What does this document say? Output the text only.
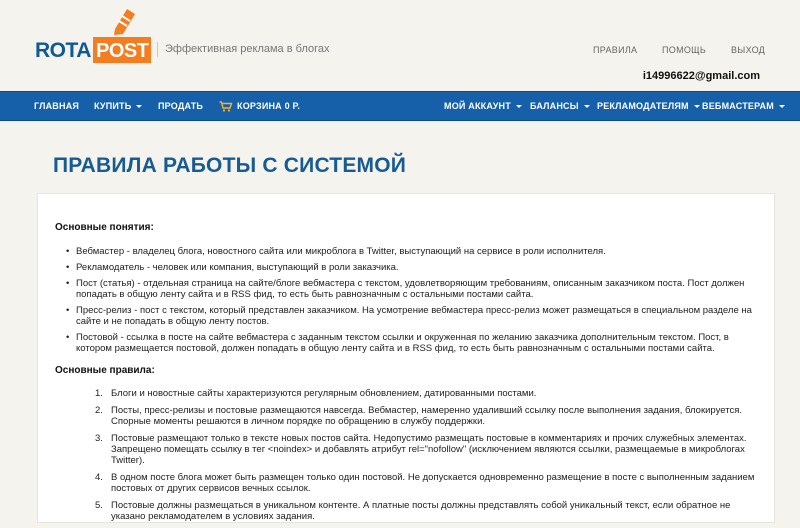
ROTA POST Эффективная реклама в блогах	ПРАВИЛА	ПОМОЩЬ	ВЫХОД
i14996622@gmail.com
ГЛАВНАЯ КУПИТЬ	ПРОДАТЬ	КОРЗИНА 0 Р.	МОЙ АККАУНТ	БАЛАНСЫ	РЕКЛАМОДАТЕЛЯМ	ВЕБМАСТЕРАМ
ПРАВИЛА РАБОТЫ С СИСТЕМОЙ
Основные понятия:
• Вебмастер - владелец блога, новостного сайта или микроблога в Twitter, выступающий на сервисе в роли исполнителя.
• Рекламодатель - человек или компания, выступающий в роли заказчика.
• Пост (статья) - отдельная страница на сайте/блоге вебмастера с текстом, удовлетворяющим требованиям, описанным заказчиком поста. Пост должен попадать в общую ленту сайта и в RSS фид, то есть быть равнозначным с остальными постами сайта.
• Пресс-релиз - пост с текстом, который представлен заказчиком. На усмотрение вебмастера пресс-релиз может размещаться в специальном разделе на сайте и не попадать в общую ленту постов.
• Постовой - ссылка в посте на сайте вебмастера с заданным текстом ссылки и окруженная по желанию заказчика дополнительным текстом. Пост, в котором размещается постовой, должен попадать в общую ленту сайта и в RSS фид, то есть быть равнозначным с остальными постами сайта.
Основные правила:
1. Блоги и новостные сайты характеризуются регулярным обновлением, датированными постами.
2. Посты, пресс-релизы и постовые размещаются навсегда. Вебмастер, намеренно удаливший ссылку после выполнения задания, блокируется. Спорные моменты решаются в личном порядке по обращению в службу поддержки.
3. Постовые размещают только в тексте новых постов сайта. Недопустимо размещать постовые в комментариях и прочих служебных элементах. Запрещено помещать ссылку в тег <noindex> и добавлять атрибут rel="nofollow" (исключением являются ссылки, размещаемые в микроблогах Twitter).
4. В одном посте блога может быть размещен только один постовой. Не допускается одновременно размещение в посте с выполненным заданием постовых от других сервисов вечных ссылок.
5. Постовые должны размещаться в уникальном контенте. А платные посты должны представлять собой уникальный текст, если обратное не указано рекламодателем в условиях задания.
